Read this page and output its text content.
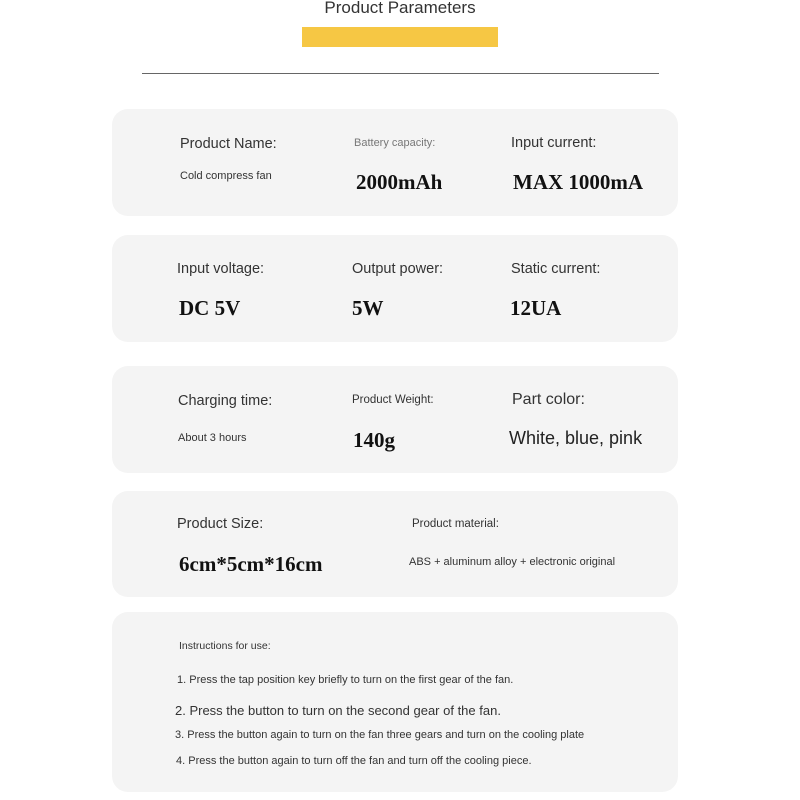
Product Parameters
Product Name:
Cold compress fan
Battery capacity:
2000mAh
Input current:
MAX 1000mA
Input voltage:
DC 5V
Output power:
5W
Static current:
12UA
Charging time:
About 3 hours
Product Weight:
140g
Part color:
White, blue, pink
Product Size:
6cm*5cm*16cm
Product material:
ABS + aluminum alloy + electronic original
Instructions for use:
1. Press the tap position key briefly to turn on the first gear of the fan.
2. Press the button to turn on the second gear of the fan.
3. Press the button again to turn on the fan three gears and turn on the cooling plate
4. Press the button again to turn off the fan and turn off the cooling piece.
